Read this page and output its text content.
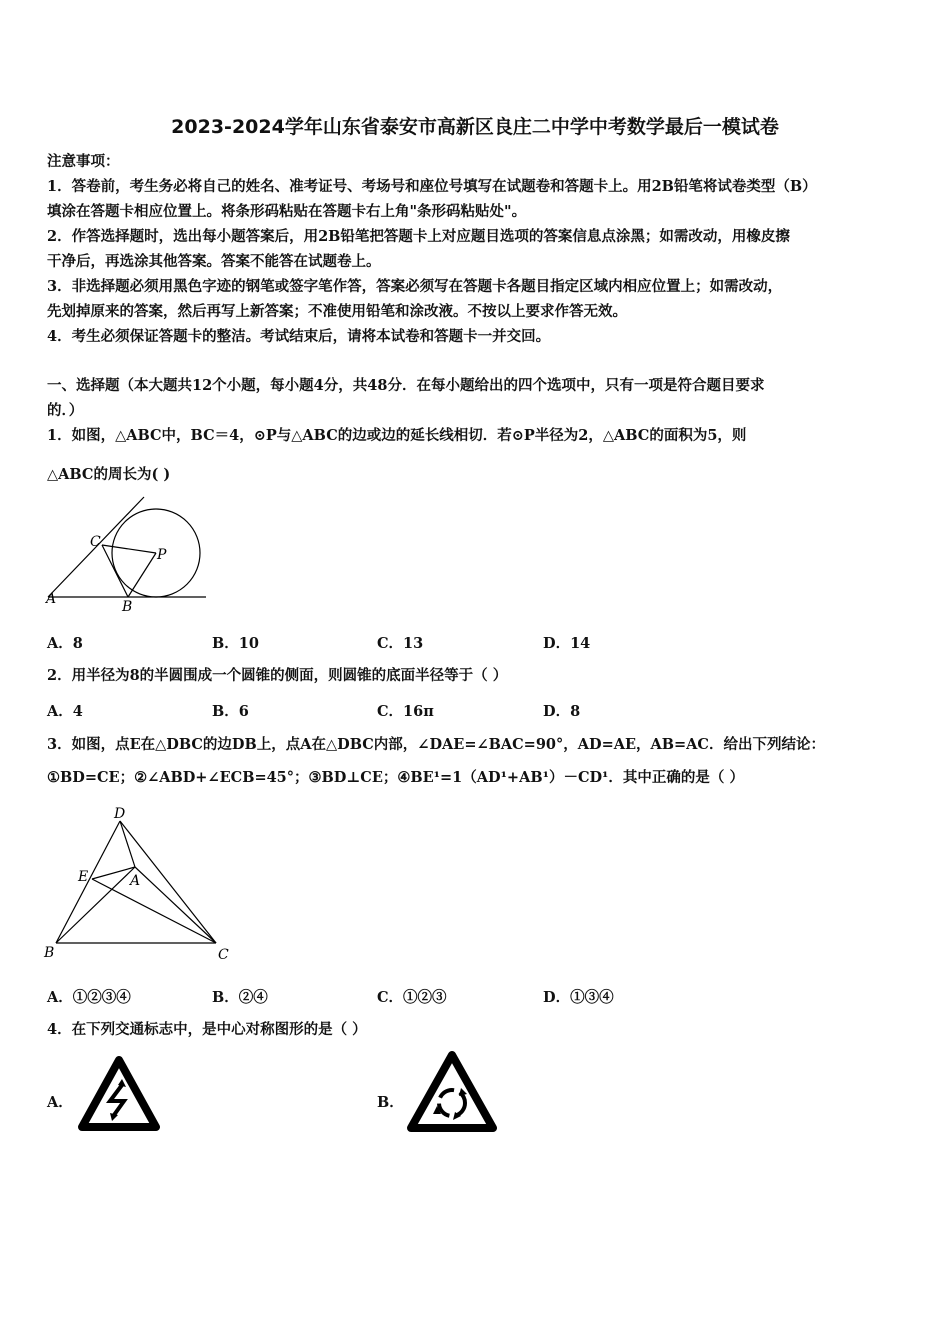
2023-2024学年山东省泰安市高新区良庄二中学中考数学最后一模试卷
注意事项：
1．答卷前，考生务必将自己的姓名、准考证号、考场号和座位号填写在试题卷和答题卡上。用2B铅笔将试卷类型（B）
填涂在答题卡相应位置上。将条形码粘贴在答题卡右上角"条形码粘贴处"。
2．作答选择题时，选出每小题答案后，用2B铅笔把答题卡上对应题目选项的答案信息点涂黑；如需改动，用橡皮擦
干净后，再选涂其他答案。答案不能答在试题卷上。
3．非选择题必须用黑色字迹的钢笔或签字笔作答，答案必须写在答题卡各题目指定区域内相应位置上；如需改动，
先划掉原来的答案，然后再写上新答案；不准使用铅笔和涂改液。不按以上要求作答无效。
4．考生必须保证答题卡的整洁。考试结束后，请将本试卷和答题卡一并交回。
一、选择题（本大题共12个小题，每小题4分，共48分．在每小题给出的四个选项中，只有一项是符合题目要求
的．）
1．如图，△ABC中，BC＝4，⊙P与△ABC的边或边的延长线相切．若⊙P半径为2，△ABC的面积为5，则
△ABC的周长为( )
C
P
A	B
A．8	B．10	C．13	D．14
2．用半径为8的半圆围成一个圆锥的侧面，则圆锥的底面半径等于（ ）
A．4	B．6	C．16π	D．8
3．如图，点E在△DBC的边DB上，点A在△DBC内部，∠DAE=∠BAC=90°，AD=AE，AB=AC．给出下列结论：
①BD=CE；②∠ABD+∠ECB=45°；③BD⊥CE；④BE¹=1（AD¹+AB¹）－CD¹．其中正确的是（ ）
D
E	A
B	C
A．①②③④	B．②④	C．①②③	D．①③④
4．在下列交通标志中，是中心对称图形的是（ ）
A．	B．
